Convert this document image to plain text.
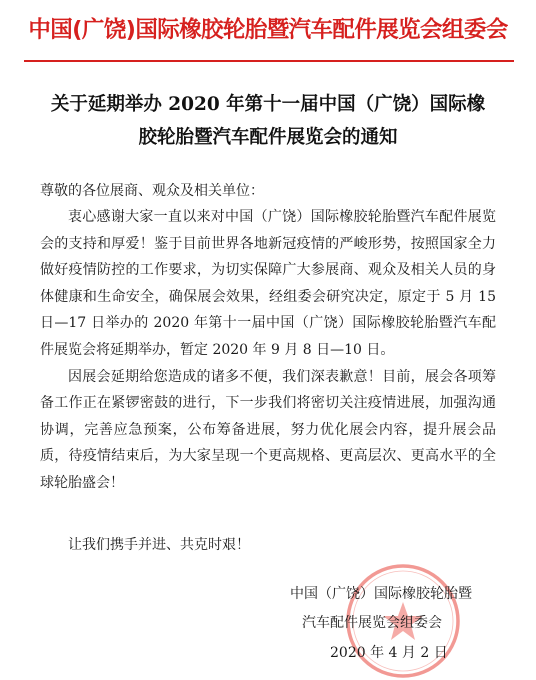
中国(广饶)国际橡胶轮胎暨汽车配件展览会组委会
关于延期举办 2020 年第十一届中国（广饶）国际橡
胶轮胎暨汽车配件展览会的通知
尊敬的各位展商、观众及相关单位：

衷心感谢大家一直以来对中国（广饶）国际橡胶轮胎暨汽车配件展览会的支持和厚爱！鉴于目前世界各地新冠疫情的严峻形势，按照国家全力做好疫情防控的工作要求，为切实保障广大参展商、观众及相关人员的身体健康和生命安全，确保展会效果，经组委会研究决定，原定于 5 月 15 日—17 日举办的 2020 年第十一届中国（广饶）国际橡胶轮胎暨汽车配件展览会将延期举办，暂定 2020 年 9 月 8 日—10 日。

因展会延期给您造成的诸多不便，我们深表歉意！目前，展会各项筹备工作正在紧锣密鼓的进行，下一步我们将密切关注疫情进展，加强沟通协调，完善应急预案，公布筹备进展，努力优化展会内容，提升展会品质，待疫情结束后，为大家呈现一个更高规格、更高层次、更高水平的全球轮胎盛会！

让我们携手并进、共克时艰！
中国（广饶）国际橡胶轮胎暨
汽车配件展览会组委会
2020 年 4 月 2 日
